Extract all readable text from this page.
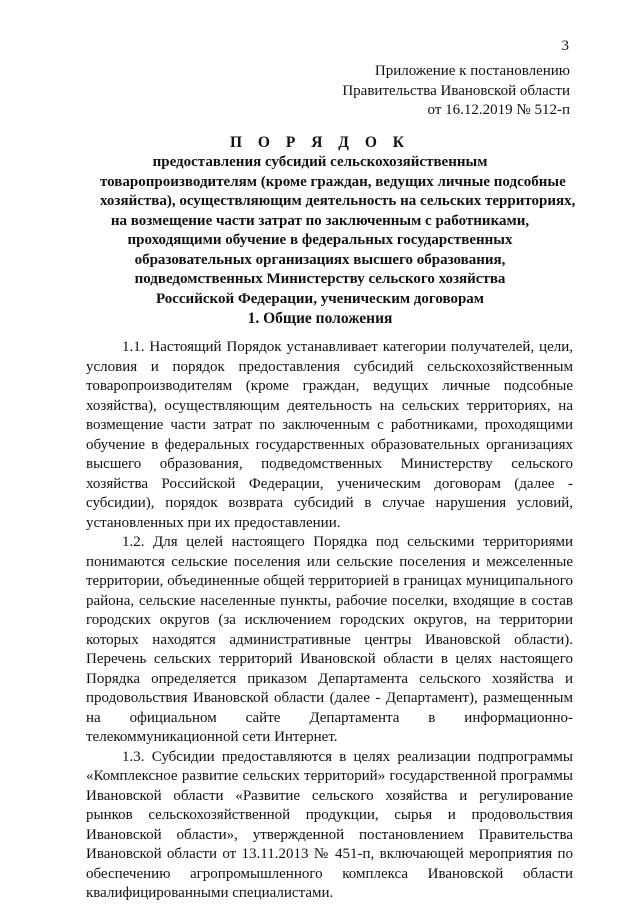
3
Приложение к постановлению
Правительства Ивановской области
от 16.12.2019 № 512-п
П О Р Я Д О К
предоставления субсидий сельскохозяйственным
товаропроизводителям (кроме граждан, ведущих личные подсобные
хозяйства), осуществляющим деятельность на сельских территориях,
на возмещение части затрат по заключенным с работниками,
проходящими обучение в федеральных государственных
образовательных организациях высшего образования,
подведомственных Министерству сельского хозяйства
Российской Федерации, ученическим договорам
1. Общие положения

1.1. Настоящий Порядок устанавливает категории получателей, цели, условия и порядок предоставления субсидий сельскохозяйственным товаропроизводителям (кроме граждан, ведущих личные подсобные хозяйства), осуществляющим деятельность на сельских территориях, на возмещение части затрат по заключенным с работниками, проходящими обучение в федеральных государственных образовательных организациях высшего образования, подведомственных Министерству сельского хозяйства Российской Федерации, ученическим договорам (далее - субсидии), порядок возврата субсидий в случае нарушения условий, установленных при их предоставлении.

1.2. Для целей настоящего Порядка под сельскими территориями понимаются сельские поселения или сельские поселения и межселенные территории, объединенные общей территорией в границах муниципального района, сельские населенные пункты, рабочие поселки, входящие в состав городских округов (за исключением городских округов, на территории которых находятся административные центры Ивановской области). Перечень сельских территорий Ивановской области в целях настоящего Порядка определяется приказом Департамента сельского хозяйства и продовольствия Ивановской области (далее - Департамент), размещенным на официальном сайте Департамента в информационно-телекоммуникационной сети Интернет.

1.3. Субсидии предоставляются в целях реализации подпрограммы «Комплексное развитие сельских территорий» государственной программы Ивановской области «Развитие сельского хозяйства и регулирование рынков сельскохозяйственной продукции, сырья и продовольствия Ивановской области», утвержденной постановлением Правительства Ивановской области от 13.11.2013 № 451-п, включающей мероприятия по обеспечению агропромышленного комплекса Ивановской области квалифицированными специалистами.
